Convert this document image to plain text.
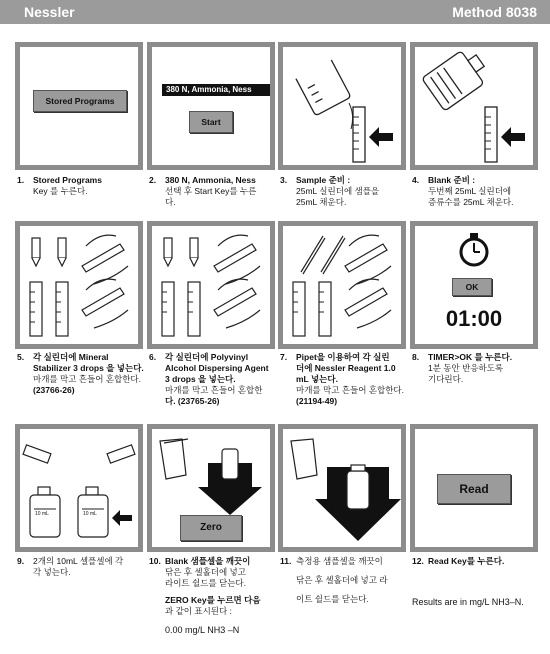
Nessler	Method 8038
Stored Programs
380 N, Ammonia, Ness
Start
1. Stored Programs
Key 를 누른다.
2. 380 N, Ammonia, Ness
선택 후 Start Key를 누른
다.
3. Sample 준비 :
25mL 실린더에 샘플을
25mL 채운다.
4. Blank 준비 :
두번째 25mL 실린더에
증류수를 25mL 채운다.
OK
01:00
5. 각 실린더에 Mineral
Stabilizer 3 drops 을 넣는다.
마개를 막고 흔들어 혼합한다.
(23766-26)
6. 각 실린더에 Polyvinyl
Alcohol Dispersing Agent
3 drops 을 넣는다.
마개를 막고 흔들어 혼합한
다. (23765-26)
7. Pipet을 이용하여 각 실린
더에 Nessler Reagent 1.0
mL 넣는다.
마개를 막고 흔들어 혼합한다.
(21194-49)
8. TIMER>OK 를 누른다.
1분 동안 반응하도록
기다린다.
10 mL	10 mL
Zero
Read
9. 2개의 10mL 셀플셀에 각
각 넣는다.
10. Blank 샘플셀을 깨끗이
닦은 후 셀홀더에 넣고
라이트 쉴드를 닫는다.
ZERO Key를 누르면 다음
과 같이 표시된다 :
0.00 mg/L NH3 –N
11. 측정용 샘플셀을 깨끗이
닦은 후 셀홀더에 넣고 라
이트 쉴드를 닫는다.
12. Read Key를 누른다.
Results are in mg/L NH3–N.
